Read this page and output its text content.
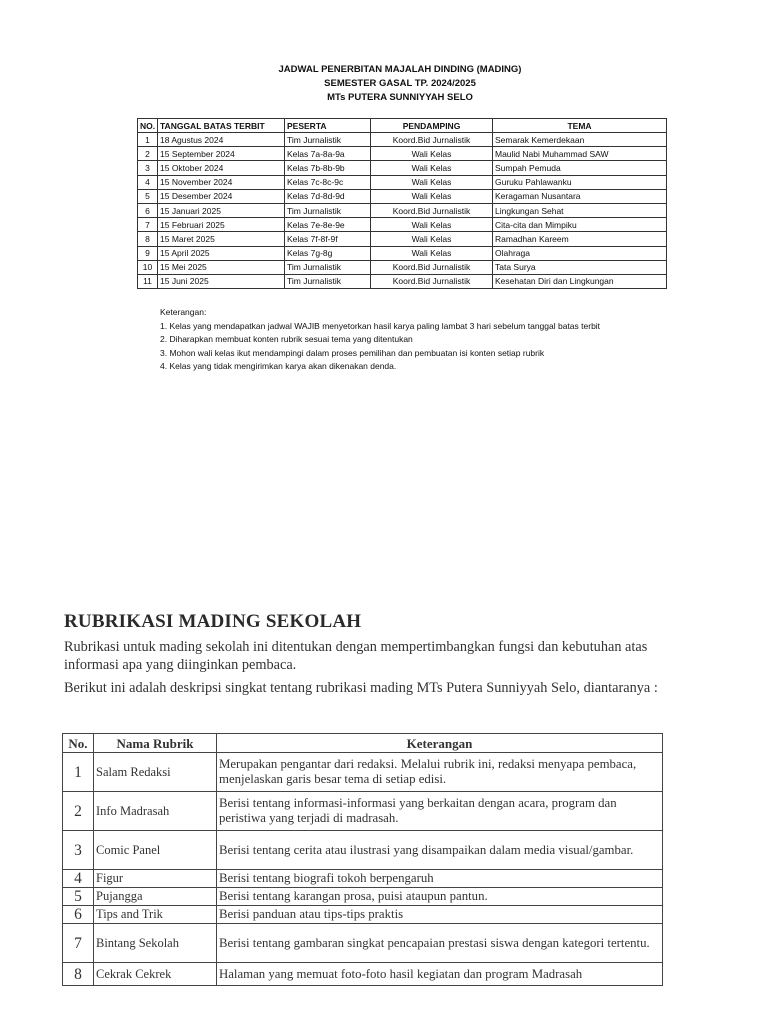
JADWAL PENERBITAN MAJALAH DINDING (MADING)
SEMESTER GASAL TP. 2024/2025
MTs PUTERA SUNNIYYAH SELO
NO.	TANGGAL BATAS TERBIT	PESERTA	PENDAMPING	TEMA
1	18 Agustus 2024	Tim Jurnalistik	Koord.Bid Jurnalistik	Semarak Kemerdekaan
2	15 September 2024	Kelas 7a-8a-9a	Wali Kelas	Maulid Nabi Muhammad SAW
3	15 Oktober 2024	Kelas 7b-8b-9b	Wali Kelas	Sumpah Pemuda
4	15 November 2024	Kelas 7c-8c-9c	Wali Kelas	Guruku Pahlawanku
5	15 Desember 2024	Kelas 7d-8d-9d	Wali Kelas	Keragaman Nusantara
6	15 Januari 2025	Tim Jurnalistik	Koord.Bid Jurnalistik	Lingkungan Sehat
7	15 Februari 2025	Kelas 7e-8e-9e	Wali Kelas	Cita-cita dan Mimpiku
8	15 Maret 2025	Kelas 7f-8f-9f	Wali Kelas	Ramadhan Kareem
9	15 April 2025	Kelas 7g-8g	Wali Kelas	Olahraga
10	15 Mei 2025	Tim Jurnalistik	Koord.Bid Jurnalistik	Tata Surya
11	15 Juni 2025	Tim Jurnalistik	Koord.Bid Jurnalistik	Kesehatan Diri dan Lingkungan
Keterangan:
1. Kelas yang mendapatkan jadwal WAJIB menyetorkan hasil karya paling lambat 3 hari sebelum tanggal batas terbit
2. Diharapkan membuat konten rubrik sesuai tema yang ditentukan
3. Mohon wali kelas ikut mendampingi dalam proses pemilihan dan pembuatan isi konten setiap rubrik
4. Kelas yang tidak mengirimkan karya akan dikenakan denda.
RUBRIKASI MADING SEKOLAH
Rubrikasi untuk mading sekolah ini ditentukan dengan mempertimbangkan fungsi dan kebutuhan atas informasi apa yang diinginkan pembaca.
Berikut ini adalah deskripsi singkat tentang rubrikasi mading MTs Putera Sunniyyah Selo, diantaranya :
No.	Nama Rubrik	Keterangan
1	Salam Redaksi	Merupakan pengantar dari redaksi. Melalui rubrik ini, redaksi menyapa pembaca, menjelaskan garis besar tema di setiap edisi.
2	Info Madrasah	Berisi tentang informasi-informasi yang berkaitan dengan acara, program dan peristiwa yang terjadi di madrasah.
3	Comic Panel	Berisi tentang cerita atau ilustrasi yang disampaikan dalam media visual/gambar.
4	Figur	Berisi tentang biografi tokoh berpengaruh
5	Pujangga	Berisi tentang karangan prosa, puisi ataupun pantun.
6	Tips and Trik	Berisi panduan atau tips-tips praktis
7	Bintang Sekolah	Berisi tentang gambaran singkat pencapaian prestasi siswa dengan kategori tertentu.
8	Cekrak Cekrek	Halaman yang memuat foto-foto hasil kegiatan dan program Madrasah
